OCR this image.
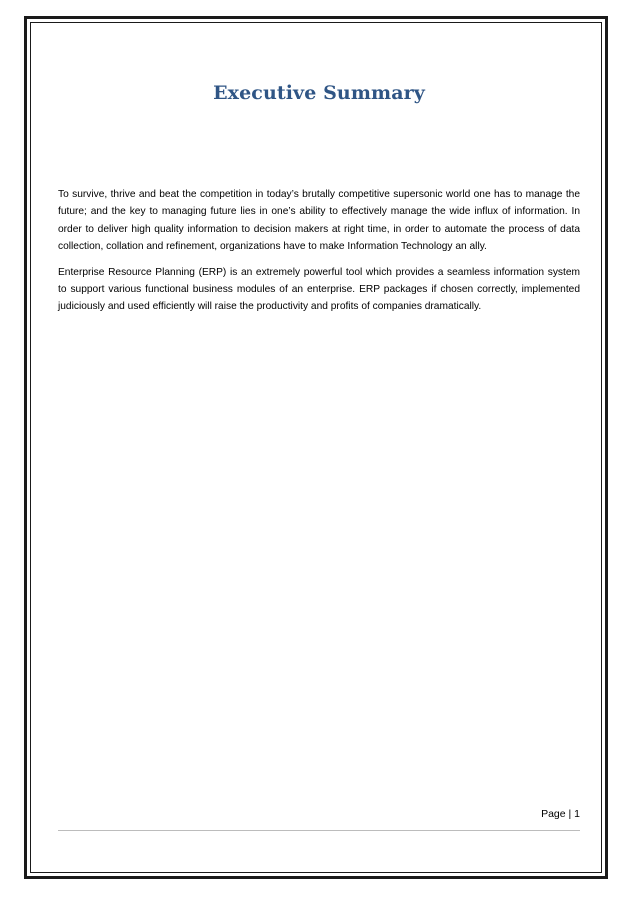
Executive Summary

To survive, thrive and beat the competition in today’s brutally competitive supersonic world one has to manage the future; and the key to managing future lies in one’s ability to effectively manage the wide influx of information. In order to deliver high quality information to decision makers at right time, in order to automate the process of data collection, collation and refinement, organizations have to make Information Technology an ally.

Enterprise Resource Planning (ERP) is an extremely powerful tool which provides a seamless information system to support various functional business modules of an enterprise. ERP packages if chosen correctly, implemented judiciously and used efficiently will raise the productivity and profits of companies dramatically.

Page | 1
